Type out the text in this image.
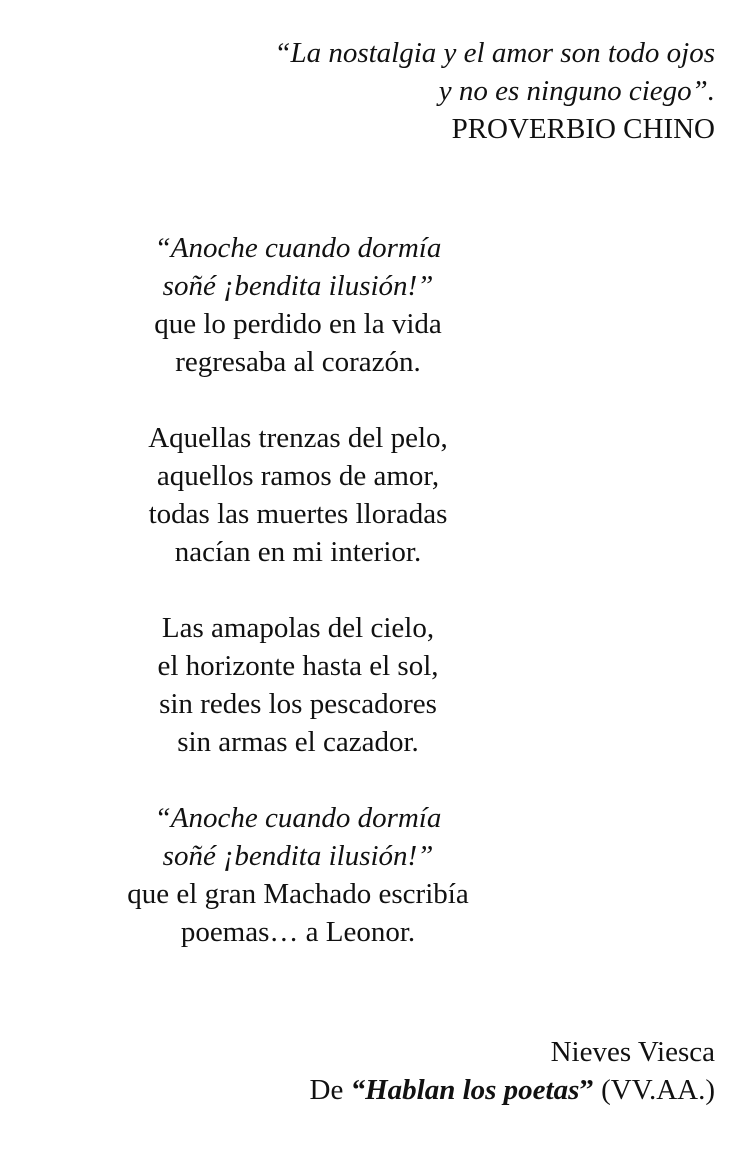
“La nostalgia y el amor son todo ojos
y no es ninguno ciego”.
PROVERBIO CHINO
“Anoche cuando dormía
soñé ¡bendita ilusión!”
que lo perdido en la vida
regresaba al corazón.
Aquellas trenzas del pelo,
aquellos ramos de amor,
todas las muertes lloradas
nacían en mi interior.
Las amapolas del cielo,
el horizonte hasta el sol,
sin redes los pescadores
sin armas el cazador.
“Anoche cuando dormía
soñé ¡bendita ilusión!”
que el gran Machado escribía
poemas… a Leonor.
Nieves Viesca
De “Hablan los poetas” (VV.AA.)
